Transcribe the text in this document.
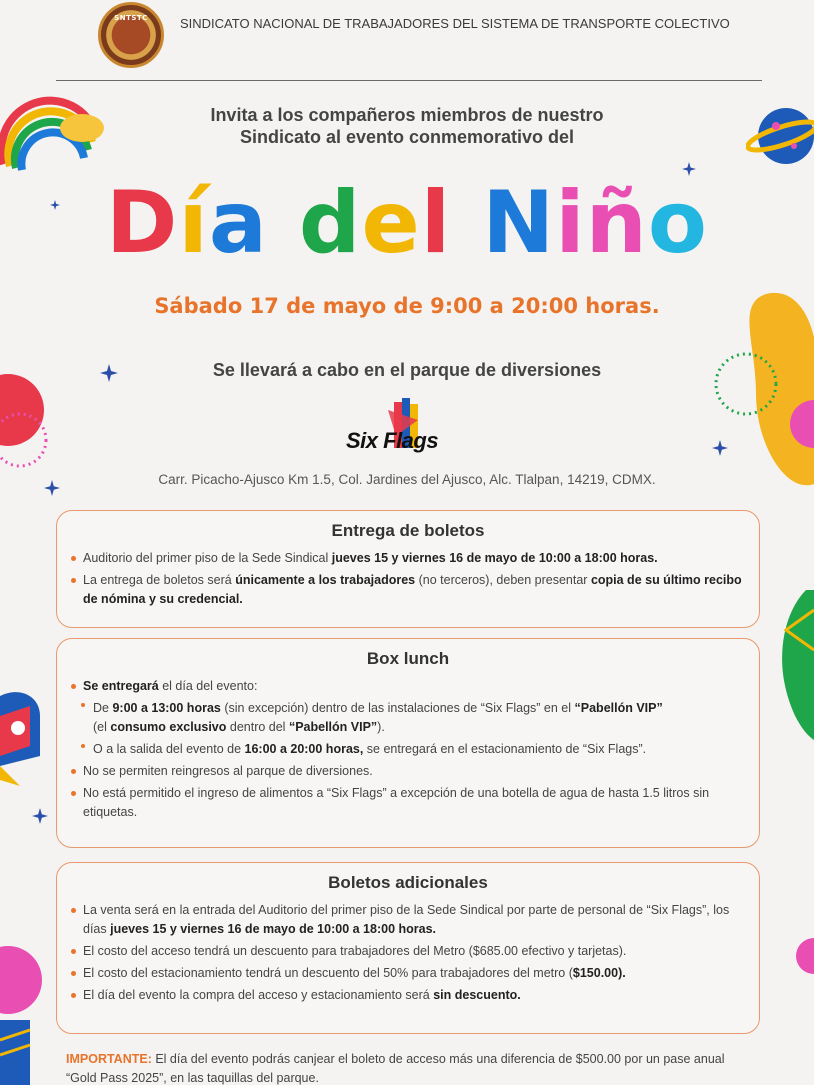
SNTSTC	SINDICATO NACIONAL DE TRABAJADORES DEL SISTEMA DE TRANSPORTE COLECTIVO
Invita a los compañeros miembros de nuestro
Sindicato al evento conmemorativo del
Día del Niño
Sábado 17 de mayo de 9:00 a 20:00 horas.
Se llevará a cabo en el parque de diversiones
Six Flags
Carr. Picacho-Ajusco Km 1.5, Col. Jardines del Ajusco, Alc. Tlalpan, 14219, CDMX.
Entrega de boletos
Auditorio del primer piso de la Sede Sindical jueves 15 y viernes 16 de mayo de 10:00 a 18:00 horas.
La entrega de boletos será únicamente a los trabajadores (no terceros), deben presentar copia de su último recibo de nómina y su credencial.
Box lunch
Se entregará el día del evento:
De 9:00 a 13:00 horas (sin excepción) dentro de las instalaciones de “Six Flags” en el “Pabellón VIP”
(el consumo exclusivo dentro del “Pabellón VIP”).
O a la salida del evento de 16:00 a 20:00 horas, se entregará en el estacionamiento de “Six Flags”.
No se permiten reingresos al parque de diversiones.
No está permitido el ingreso de alimentos a “Six Flags” a excepción de una botella de agua de hasta 1.5 litros sin etiquetas.
Boletos adicionales
La venta será en la entrada del Auditorio del primer piso de la Sede Sindical por parte de personal de “Six Flags”, los días jueves 15 y viernes 16 de mayo de 10:00 a 18:00 horas.
El costo del acceso tendrá un descuento para trabajadores del Metro ($685.00 efectivo y tarjetas).
El costo del estacionamiento tendrá un descuento del 50% para trabajadores del metro ($150.00).
El día del evento la compra del acceso y estacionamiento será sin descuento.
IMPORTANTE: El día del evento podrás canjear el boleto de acceso más una diferencia de $500.00 por un pase anual “Gold Pass 2025”, en las taquillas del parque.
